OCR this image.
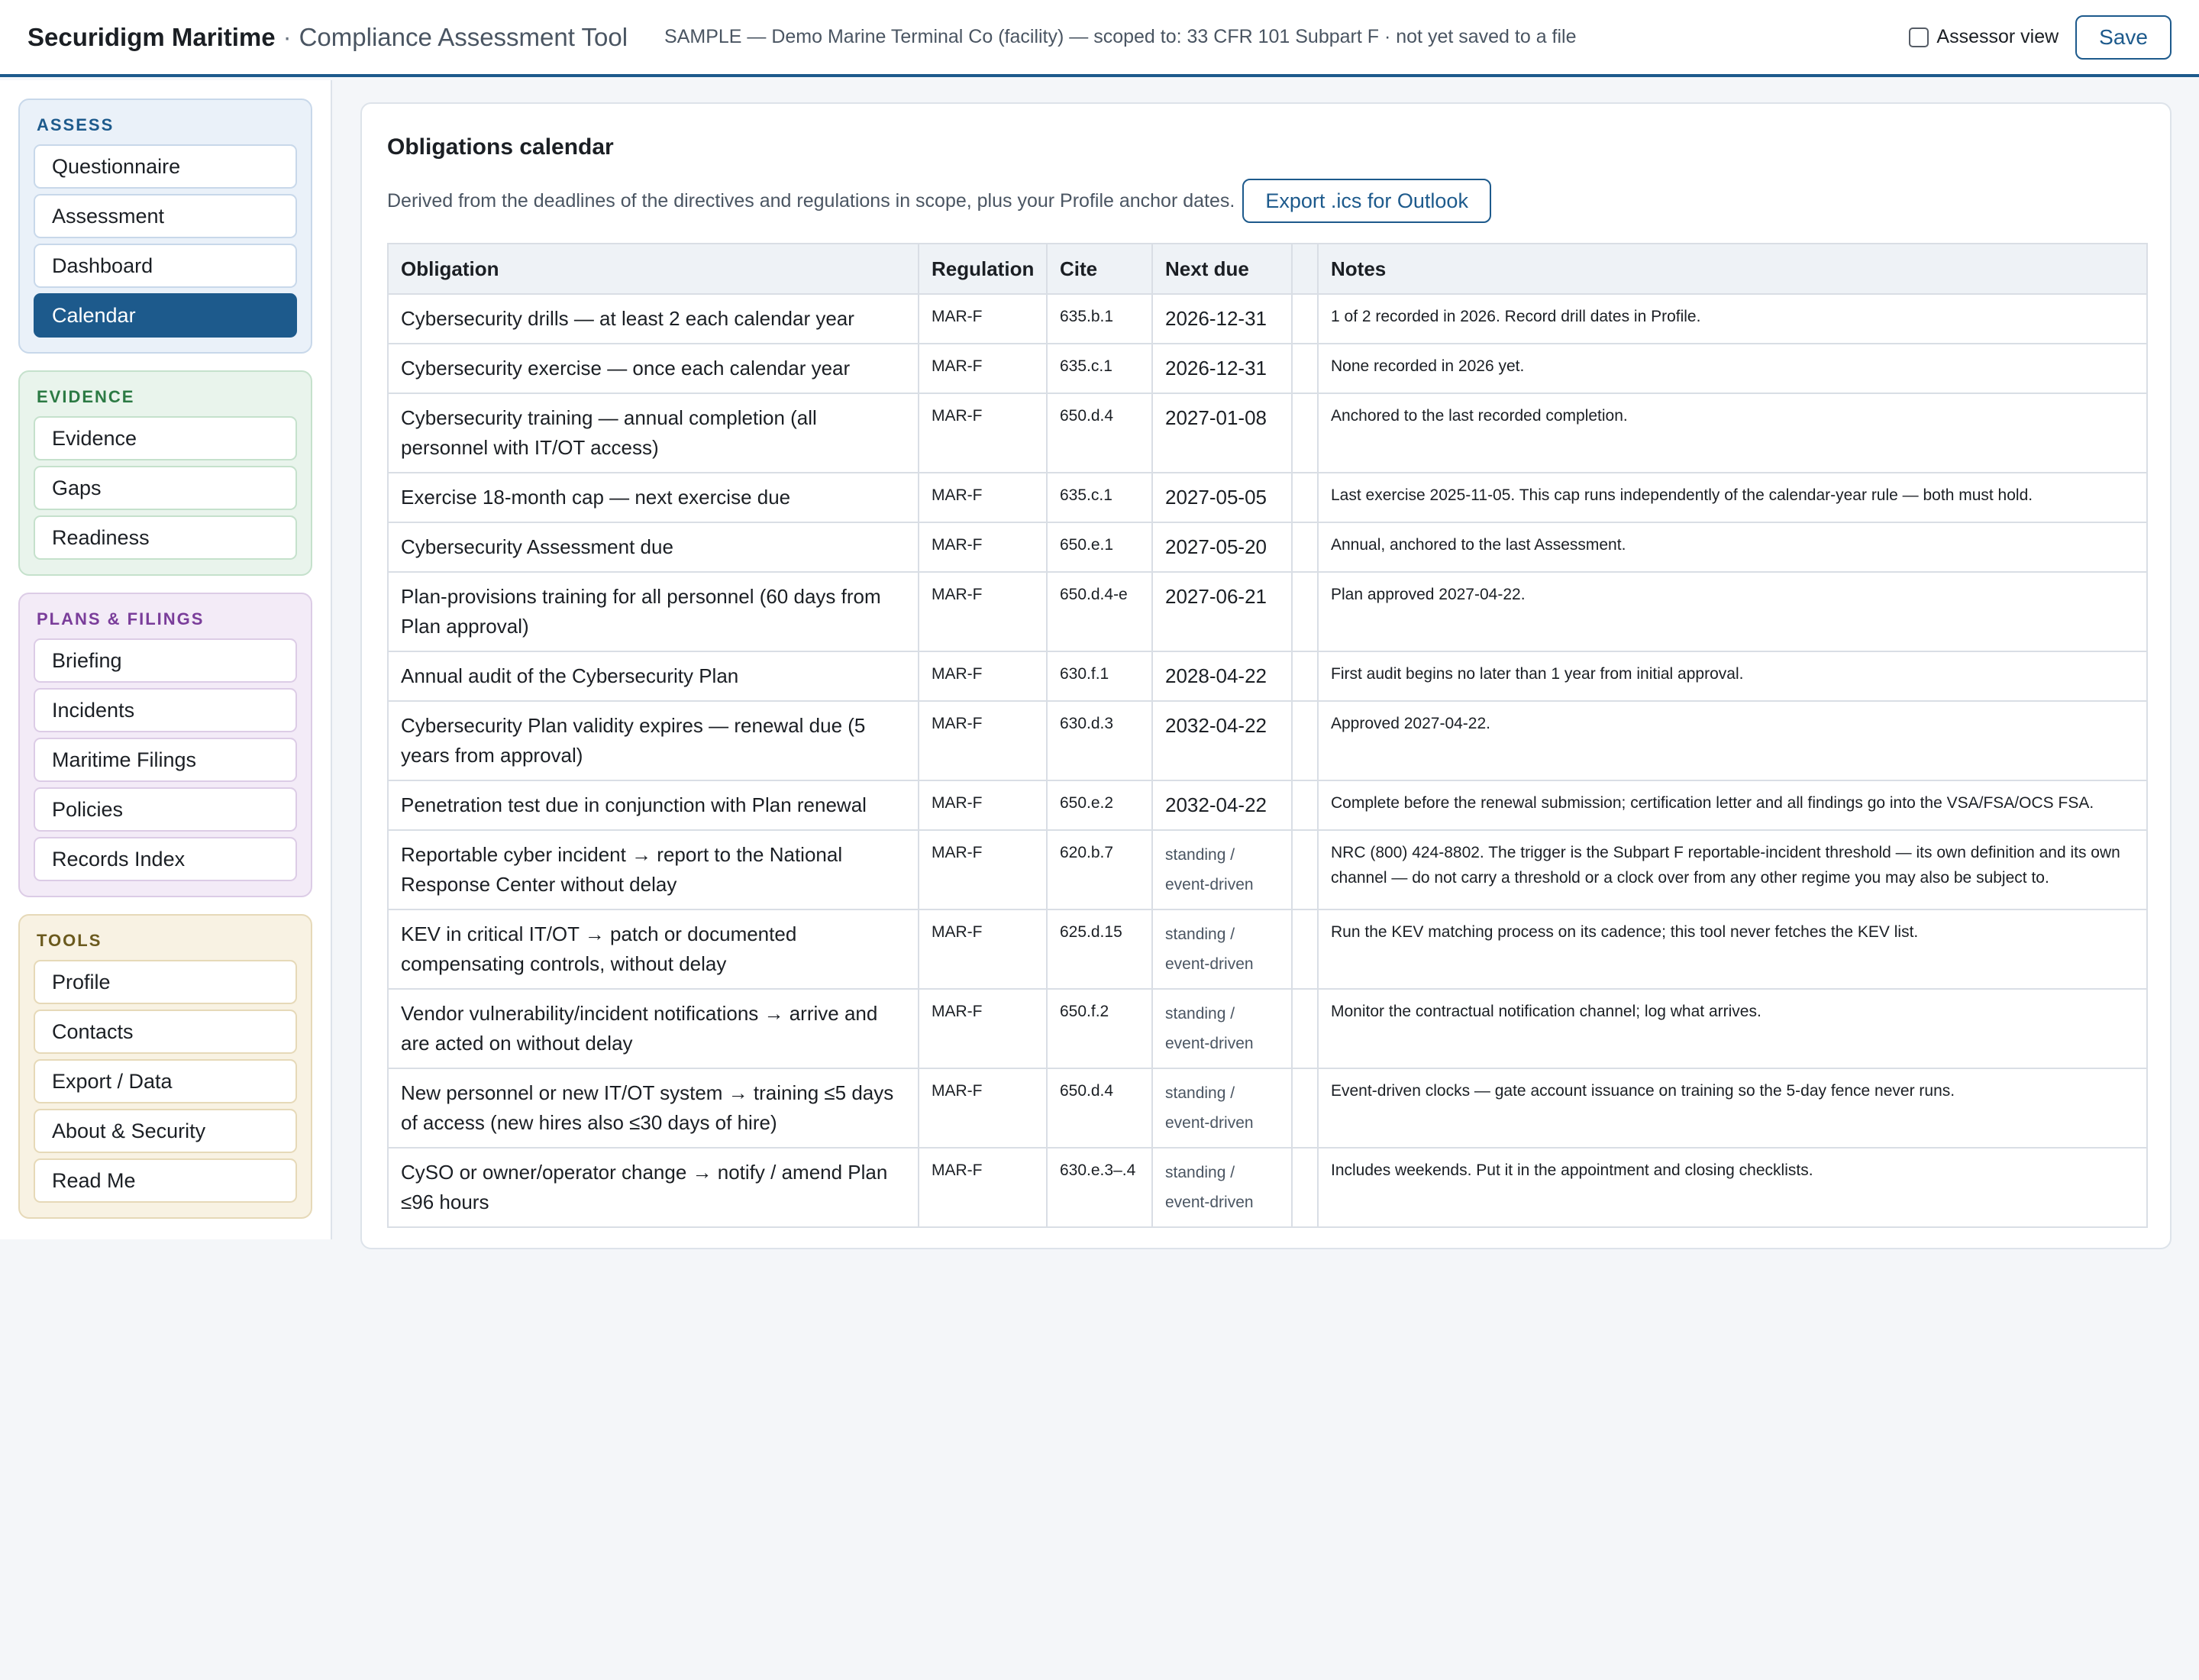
Securidigm Maritime · Compliance Assessment Tool SAMPLE — Demo Marine Terminal Co (facility) — scoped to: 33 CFR 101 Subpart F · not yet saved to a file	Assessor view	Save
ASSESS
Questionnaire
Assessment
Dashboard
Calendar
EVIDENCE
Evidence
Gaps
Readiness
PLANS & FILINGS
Briefing
Incidents
Maritime Filings
Policies
Records Index
TOOLS
Profile
Contacts
Export / Data
About & Security
Read Me
Obligations calendar
Derived from the deadlines of the directives and regulations in scope, plus your Profile anchor dates.	Export .ics for Outlook
Obligation	Regulation	Cite	Next due		Notes
Cybersecurity drills — at least 2 each calendar year	MAR-F	635.b.1	2026-12-31		1 of 2 recorded in 2026. Record drill dates in Profile.
Cybersecurity exercise — once each calendar year	MAR-F	635.c.1	2026-12-31		None recorded in 2026 yet.
Cybersecurity training — annual completion (all personnel with IT/OT access)	MAR-F	650.d.4	2027-01-08		Anchored to the last recorded completion.
Exercise 18-month cap — next exercise due	MAR-F	635.c.1	2027-05-05		Last exercise 2025-11-05. This cap runs independently of the calendar-year rule — both must hold.
Cybersecurity Assessment due	MAR-F	650.e.1	2027-05-20		Annual, anchored to the last Assessment.
Plan-provisions training for all personnel (60 days from Plan approval)	MAR-F	650.d.4-e	2027-06-21		Plan approved 2027-04-22.
Annual audit of the Cybersecurity Plan	MAR-F	630.f.1	2028-04-22		First audit begins no later than 1 year from initial approval.
Cybersecurity Plan validity expires — renewal due (5 years from approval)	MAR-F	630.d.3	2032-04-22		Approved 2027-04-22.
Penetration test due in conjunction with Plan renewal	MAR-F	650.e.2	2032-04-22		Complete before the renewal submission; certification letter and all findings go into the VSA/FSA/OCS FSA.
Reportable cyber incident → report to the National Response Center without delay	MAR-F	620.b.7	standing / event-driven		NRC (800) 424-8802. The trigger is the Subpart F reportable-incident threshold — its own definition and its own channel — do not carry a threshold or a clock over from any other regime you may also be subject to.
KEV in critical IT/OT → patch or documented compensating controls, without delay	MAR-F	625.d.15	standing / event-driven		Run the KEV matching process on its cadence; this tool never fetches the KEV list.
Vendor vulnerability/incident notifications → arrive and are acted on without delay	MAR-F	650.f.2	standing / event-driven		Monitor the contractual notification channel; log what arrives.
New personnel or new IT/OT system → training ≤5 days of access (new hires also ≤30 days of hire)	MAR-F	650.d.4	standing / event-driven		Event-driven clocks — gate account issuance on training so the 5-day fence never runs.
CySO or owner/operator change → notify / amend Plan ≤96 hours	MAR-F	630.e.3–.4	standing / event-driven		Includes weekends. Put it in the appointment and closing checklists.
